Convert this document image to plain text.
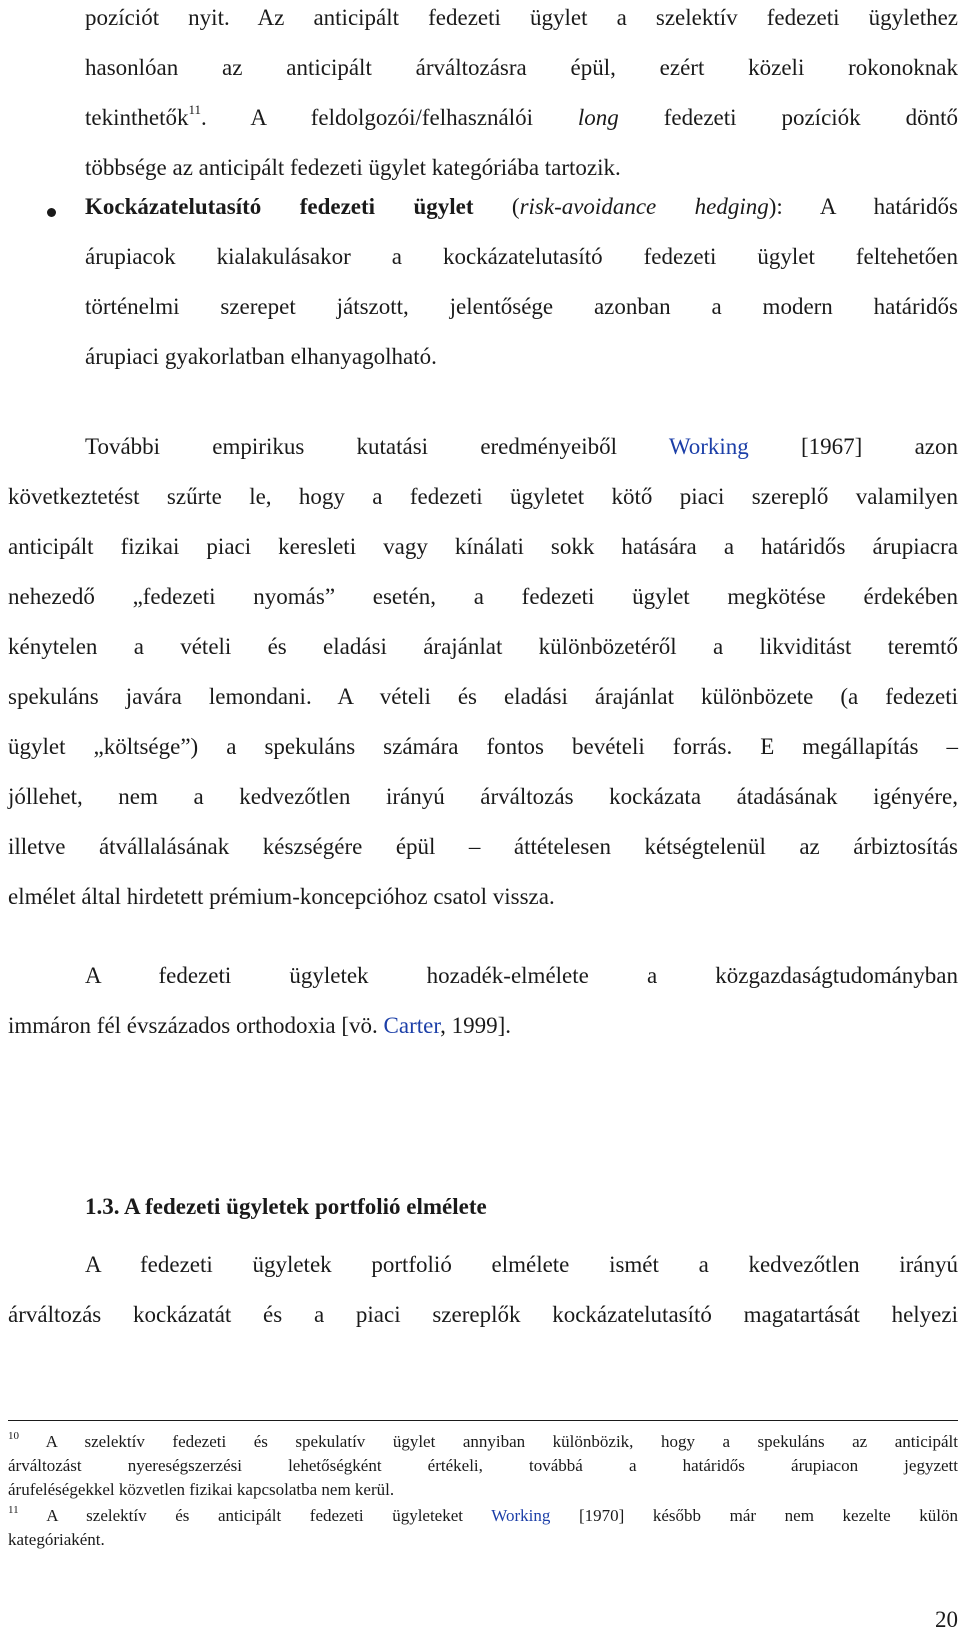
pozíciót nyit. Az anticipált fedezeti ügylet a szelektív fedezeti ügylethez
hasonlóan az anticipált árváltozásra épül, ezért közeli rokonoknak
tekinthetők$^{11}$. A feldolgozói/felhasználói long fedezeti pozíciók döntő
többsége az anticipált fedezeti ügylet kategóriába tartozik.
Kockázatelutasító fedezeti ügylet (risk-avoidance hedging): A határidős
árupiacok kialakulásakor a kockázatelutasító fedezeti ügylet feltehetően
történelmi szerepet játszott, jelentősége azonban a modern határidős
árupiaci gyakorlatban elhanyagolható.
További empirikus kutatási eredményeiből Working [1967] azon
következtetést szűrte le, hogy a fedezeti ügyletet kötő piaci szereplő valamilyen
anticipált fizikai piaci keresleti vagy kínálati sokk hatására a határidős árupiacra
nehezedő „fedezeti nyomás” esetén, a fedezeti ügylet megkötése érdekében
kénytelen a vételi és eladási árajánlat különbözetéről a likviditást teremtő
spekuláns javára lemondani. A vételi és eladási árajánlat különbözete (a fedezeti
ügylet „költsége”) a spekuláns számára fontos bevételi forrás. E megállapítás –
jóllehet, nem a kedvezőtlen irányú árváltozás kockázata átadásának igényére,
illetve átvállalásának készségére épül – áttételesen kétségtelenül az árbiztosítás
elmélet által hirdetett prémium-koncepcióhoz csatol vissza.
A fedezeti ügyletek hozadék-elmélete a közgazdaságtudományban
immáron fél évszázados orthodoxia [vö. Carter, 1999].
1.3. A fedezeti ügyletek portfolió elmélete
A fedezeti ügyletek portfolió elmélete ismét a kedvezőtlen irányú
árváltozás kockázatát és a piaci szereplők kockázatelutasító magatartását helyezi
$^{10}$ A szelektív fedezeti és spekulatív ügylet annyiban különbözik, hogy a spekuláns az anticipált
árváltozást nyereségszerzési lehetőségként értékeli, továbbá a határidős árupiacon jegyzett
árufeléségekkel közvetlen fizikai kapcsolatba nem kerül.
$^{11}$ A szelektív és anticipált fedezeti ügyleteket Working [1970] később már nem kezelte külön
kategóriaként.
20
